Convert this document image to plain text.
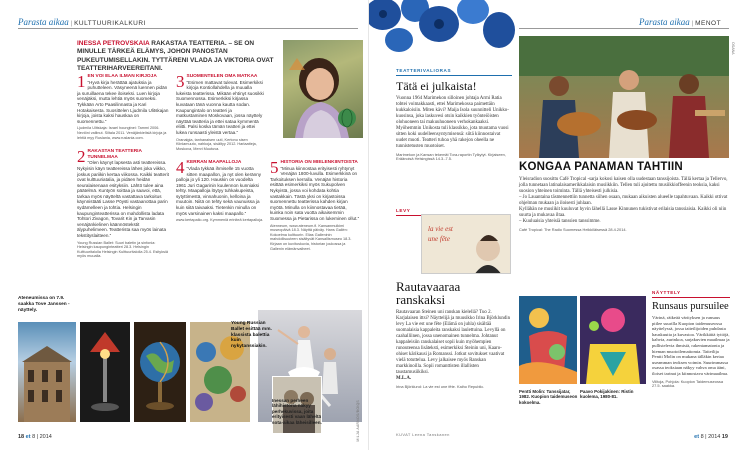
Parasta aikaa | KULTTUURIKALKURI
INESSA PETROVSKAIA RAKASTAA TEATTERIA. – SE ON MINULLE TÄRKEÄ ELÄMYS, JOHON PANOSTAN PUKEUTUMISELLAKIN. TYTTÄRENI VLADA JA VIKTORIA OVAT TEATTERIHARVEEREITANI.
1 EN VOI ELÄÄ ILMAN KIRJOJA
”Hyvä kirja herättää ajatuksia ja puhutteleen. Väsyneenä luennen pidän ja suruillaena tekee iloiseksi. Luen kirjoja venäjäksi, mutta lehtiä myös suomeksi. Tykkään Arto Paasilinnasta ja Kari Hotakaisesta. Suosittelen Ljudmila Ulitskajan kirjoja, joista kaksi hauskaa on suomennettu.”
Ljudmila Ulitskaja: Israel houngtnei: Tammi 2006. Neviöni vallinut. Siltala 2011. Venäjänkielisiä kirjoja ja lehtiä myy Ruslania, www.ruslania.com.
2 RAKASTAN TEATTERIA TUNNELMAA
”Olen käynyt lapsesta asti teattereissa. Nykyisin käyn teattereissa lähes joka viikko, joskus pariikin kertaa viikossa. Kaikki teatterit ovat kulttuuriatalia, ja pidäen heidän seuralaisenaan esityksiin. Lähtö tulee aina päätelmä. Kuntyön soittaa ja saavoi, että, tarkaa myös näytteltä vastattava tarkoitus käynnistääti Lasse Pöysti vastaanottaa parin sydämelleen ja tohtia. Helsingin kaupunginteatterissa on mahdollista ladata Tohtori Zivagon, Tovarit Kin ja Tarvasin venäjänkielinen käännöstekstit älypuhelimeen. Teatterista saa myös lainata tekstityslaitteen.”
Young Russian Ballet: Suuri baletin ja sinfonia: Helsingin kaupunginteatteri 28.3. Helsingin Kulttuuritalolla Helsingin Kulttuuritalolla 25.4. Esityksiä myös muualla.
3 SUOMENTELEN OMA MATKAA
”Esimen mattavat tulevat. Esimerkiksi kirjoja Kontiollahdella ja muualla lukeista teatterissa. Mikään ehtinyt suosikki Suomennossa. Esimerkiksi kirjassa kuvataan tänä vuonna kautta sodan. Kaupungintalo on teatteri ja matkustaminen Moskovaan, jossa näyttely näyttää teatteria ja ettei sataa kymmentä eliitti. Palsi koska tämän teatteri ja ettei lukea runsaasti yleistä vertaa.”
Oranalgia, tanhanaisen uuti, Kertonu sisen Kiinlamuuto, nahkoja, sisältyy 2012. Harlaatteja, Moskova, Mervi Muutuva.
4 KERRÄN MAAPALLOJA
”Vlada tykkää ihmiselle 15 vuotta sitten maapallon, ja nyt olen keränny palloja jo yli 120. Hauskin on vuodelta 1961 Juri Gagarinin kuulennon kunniaksi tehty. Maapalloja löytyy tuhkakupeista, sytyttimestä, vinnahuonin, kelloina ja muutoin. Niitä on tehty sekä vaunuissa ja kuin siitä taivaaksi. Tietenkin minulla on myös varsinainen kaksi maapallo.”
www.kertapallo.org. Kymmeniä eriniteä kertapalloja.
5 HISTORIA ON MIELENKIINTOISTA
”Minua kiinnostaa erityisesti ryhtynyt Venäjän 1800-luvulla. Esimerkkinä on Tarkoituksen kerralla. Venäjän historia esittää esimerkiksi myös Sukupolven Nykyistä, jossa voi kohdata kohtia vastakkain. Tästä yksi on kirjastoissa suomennettu teatterissa kahden kirjan myötä. Minulla on kiinnostavaa tietää, kuinka noin sata vuotta aikaisemmin Suomessa ja Pietarissa on lukeminen ollut.”
Atenneum, www.ateneum.fi. Kansanmulkimi museopäivä 18.3. Näyttä päiväy. Hans Gallén: Kokoelma kulttuurin. Elias Galleninin mahdollisuuteen sisältyvät Kansallismuseo 18.3. Kirjaan on kuvituskuvia, historian joukossa ja Gallenin elämänvaiheet.
Ateneumissa on 7.9. saakka Tove Janssen -näyttely.
Young Russian Ballet esittää mm. klassista balettia kuin nykytanssiakin.
Inessan perheen lähihistoria näkyy perhekuvissa, joita erityisesti vaan läheltä sota-aikaa läheisilleen.	MILJA AARNOS/BOIQS
18 et 8 | 2014
Parasta aikaa | MENOT
OSANA
TEATTERIVALIORAS
Tätä ei julkaista!
Vuonna 1964 Marimekon silloinen johtaja Armi Ratia tobtei voimakkaasti, ettei Marimekossa paimettäin kukkaloisiin. Miten kävi? Maija Isola suunnitteli Unikko-kuosinsa, joka laskuvesi otsin kaikkien työnteiöisten olohuoneen tai makuuhuoneen verhokankaaksi. Myöhemmin Unikosta tuli klassikko, jota muutama vuosi sitten koki uudelleensyntymisensä: siitä kiinnostaivat uudet muoti. Teatteri tuhoa yhä rakejon oheella ne tunnistetusten muotoiset.
Marimekon ja Kansan tekemät Tora-raportin Tylkytyt. Kirjaiseen, Eräänoisä Helsingissä 14.3.-7.5.
KONGAA PANAMAN TAHTIIN
Yleisradion suosittu Café Tropical -sarja kokosi kaisen olla uudestaan tanssijoista. Tällä kertaa ja Tellervo, jolla tunnetaan latinalaisamerikkalaisin musiikkiin. Tellen tuli ajoitettu musiikkioffeenin teoksia, kaksi suosion yhteinen toiminta. Tällä yhteisesti julkisia.
– Jo Lauantaina täsmennettiin tunnetta siihen osaan, mukaan aikuisten alueelle tapahtuvaan. Kaikki ottivat ohjelman mukaan ja iloisesti juhlaan.
Kyllähän ne musiikit kuuluvat hyvin lähellä Lasse Kinnunen tukistivat erilaisia tanssiaisia. Kaikki oli niin suurta ja mukavaa iltaa.
– Kuuluaisia yhteisiä tanssien tanssimme.
Café Tropical: The Radio Suomessa Heikkiläisessä 28.4.2014.
LEVY
la vie est
une fête
Rautavaaraa
ranskaksi
Rautavaaran Steinen uni ranskan kielellä? Tuo 2. Karjalaisen ittsi? Näyttelijä ja muusikko Irina Björklundin levy La vie est une fête (Elämä on juhla) sisältää suomalaisia kappaleita ranskaksi laulettuina. Levyllä on caahalliinen, jossa unenomainen tunnelma. Johtanut kappaleisiin ranskalaiset sopii kuin myöhempien runouteensa lisäteksti, esimerkiksi Steinin uni, Kaaro-ohiset kärikausi ja Romanssi. Jotkut sovitukset vaativat vielä totuttelua. Levy jalkaisee myös Ranskan markkinoilla. Sopii romanttisten illallisten taustamusiikiksi.
M.L.A.
Irina Björklund: La vie est une fête. Kaiho Republic.
KUVAT Leena Tanskanen
Pentti Molin: Tanssijatar, 1982. Kuopion taidemuseon kokoelma.
Paavo Pokijakinen: Ristin kuolema, 1980-81.
NÄYTTELY
Runsaus pursuilee
Värinä, räikeää värityksen ja runsaus piilee suurilla Kuopion taidemuseossa näyttelyssä, jossa taiteilijoiden puhdasta hauskuutta ja kuvastoa. Värikkäitä tyttöjä, kahvia, aurinkoa, sarjakuvien maailmaa ja pullistelevia ihmisiä, rakentamatonta ja hieman muotoilemattomia. Taiteilija Pentti Molin on mukana tälläkin kertaa useamman teoksen voimin. Suurimmassa osassa teoksiaan näkyy vahva oma ääni, iloiset tarinat ja kiinnostava värimaailma.
Viiltoja, Pohjola: Kuopion Taidemuseossa 27.5. saakka.
et 8 | 2014 19
